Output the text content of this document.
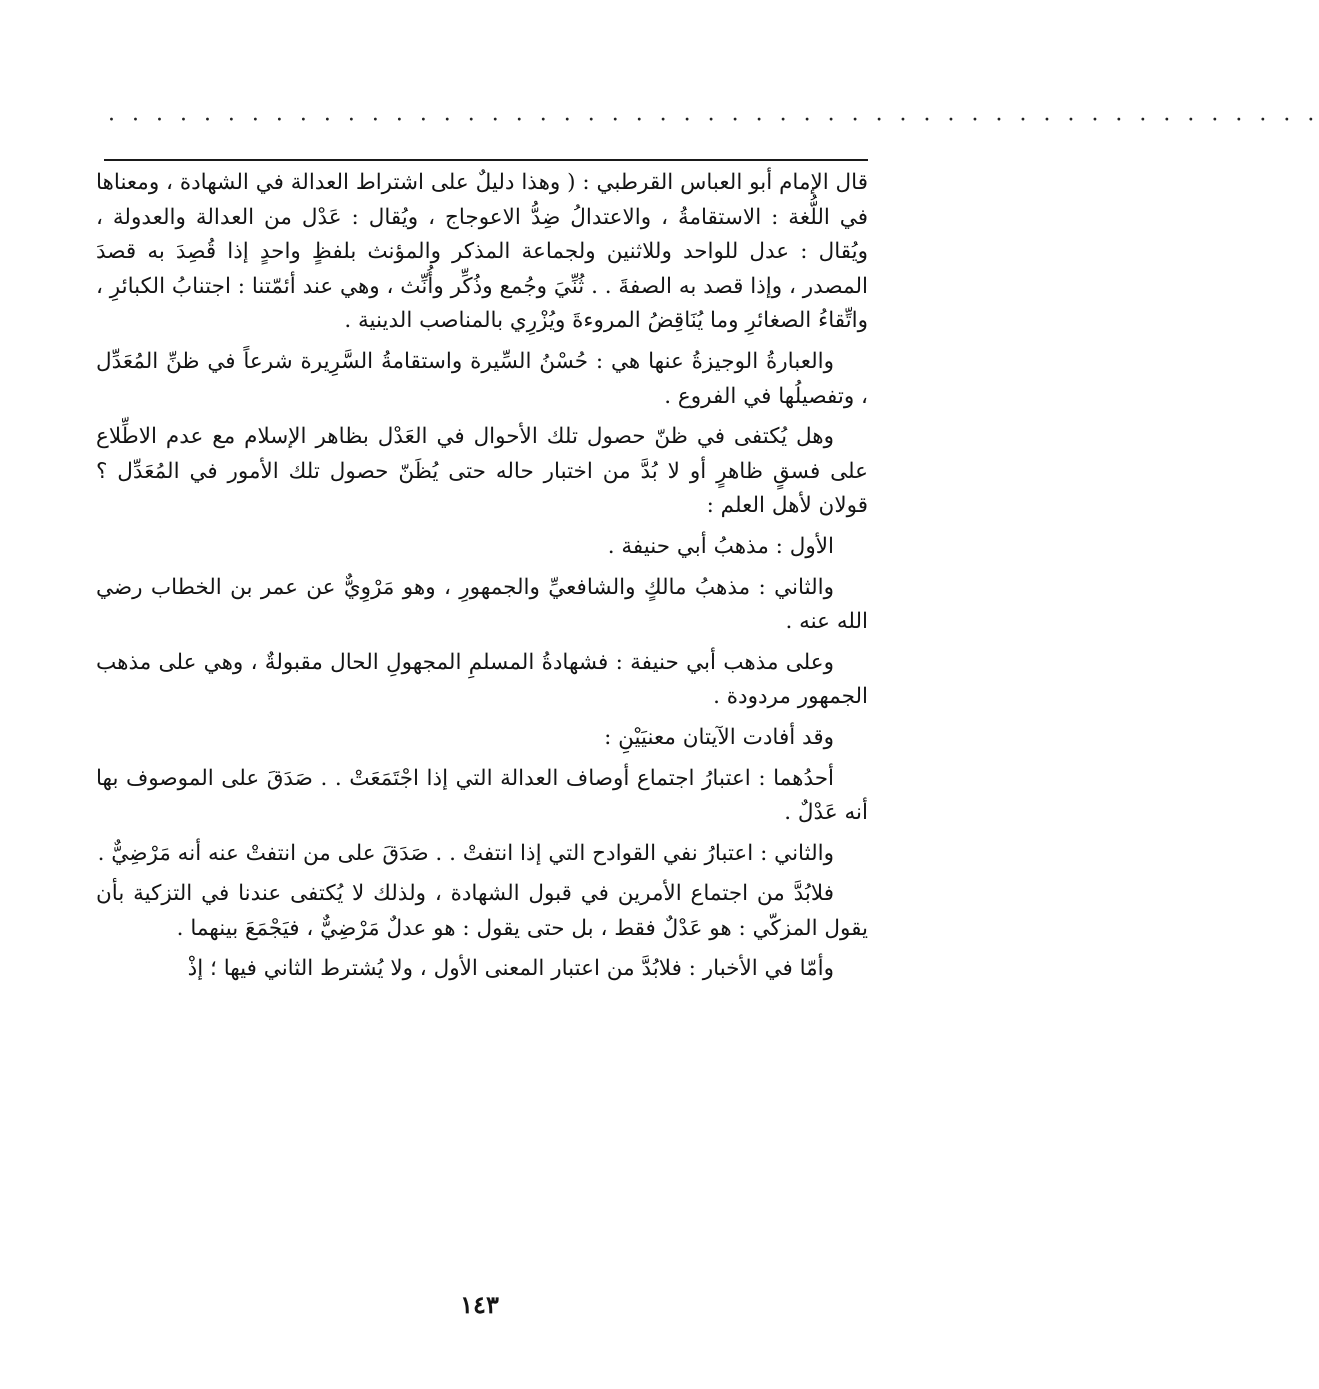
· · · · · · · · · · · · · · · · · · · · · · · · · · · · · · · · · · · · · · · · · · · · · · · · · · ·

قال الإمام أبو العباس القرطبي : ( وهذا دليلٌ على اشتراط العدالة في الشهادة ، ومعناها في اللُّغة : الاستقامةُ ، والاعتدالُ ضِدُّ الاعوجاج ، ويُقال : عَدْل من العدالة والعدولة ، ويُقال : عدل للواحد وللاثنين ولجماعة المذكر والمؤنث بلفظٍ واحدٍ إذا قُصِدَ به قصدَ المصدر ، وإذا قصد به الصفةَ . . ثُنِّيَ وجُمع وذُكِّر وأُنِّث ، وهي عند أئمّتنا : اجتنابُ الكبائرِ ، واتِّقاءُ الصغائرِ وما يُنَاقِضُ المروءةَ ويُزْرِي بالمناصب الدينية .

والعبارةُ الوجيزةُ عنها هي : حُسْنُ السِّيرة واستقامةُ السَّرِيرة شرعاً في ظنِّ المُعَدِّل ، وتفصيلُها في الفروع .

وهل يُكتفى في ظنّ حصول تلك الأحوال في العَدْل بظاهر الإسلام مع عدم الاطِّلاع على فسقٍ ظاهرٍ أو لا بُدَّ من اختبار حاله حتى يُظَنّ حصول تلك الأمور في المُعَدِّل ؟ قولان لأهل العلم :

الأول : مذهبُ أبي حنيفة .

والثاني : مذهبُ مالكٍ والشافعيِّ والجمهورِ ، وهو مَرْوِيٌّ عن عمر بن الخطاب رضي الله عنه .

وعلى مذهب أبي حنيفة : فشهادةُ المسلمِ المجهولِ الحال مقبولةٌ ، وهي على مذهب الجمهور مردودة .

وقد أفادت الآيتان معنيَيْنِ :

أحدُهما : اعتبارُ اجتماع أوصاف العدالة التي إذا اجْتَمَعَتْ . . صَدَقَ على الموصوف بها أنه عَدْلٌ .

والثاني : اعتبارُ نفي القوادح التي إذا انتفتْ . . صَدَقَ على من انتفتْ عنه أنه مَرْضِيٌّ .

فلابُدَّ من اجتماع الأمرين في قبول الشهادة ، ولذلك لا يُكتفى عندنا في التزكية بأن يقول المزكّي : هو عَدْلٌ فقط ، بل حتى يقول : هو عدلٌ مَرْضِيٌّ ، فيَجْمَعَ بينهما .

وأمّا في الأخبار : فلابُدَّ من اعتبار المعنى الأول ، ولا يُشترط الثاني فيها ؛ إذْ

١٤٣
